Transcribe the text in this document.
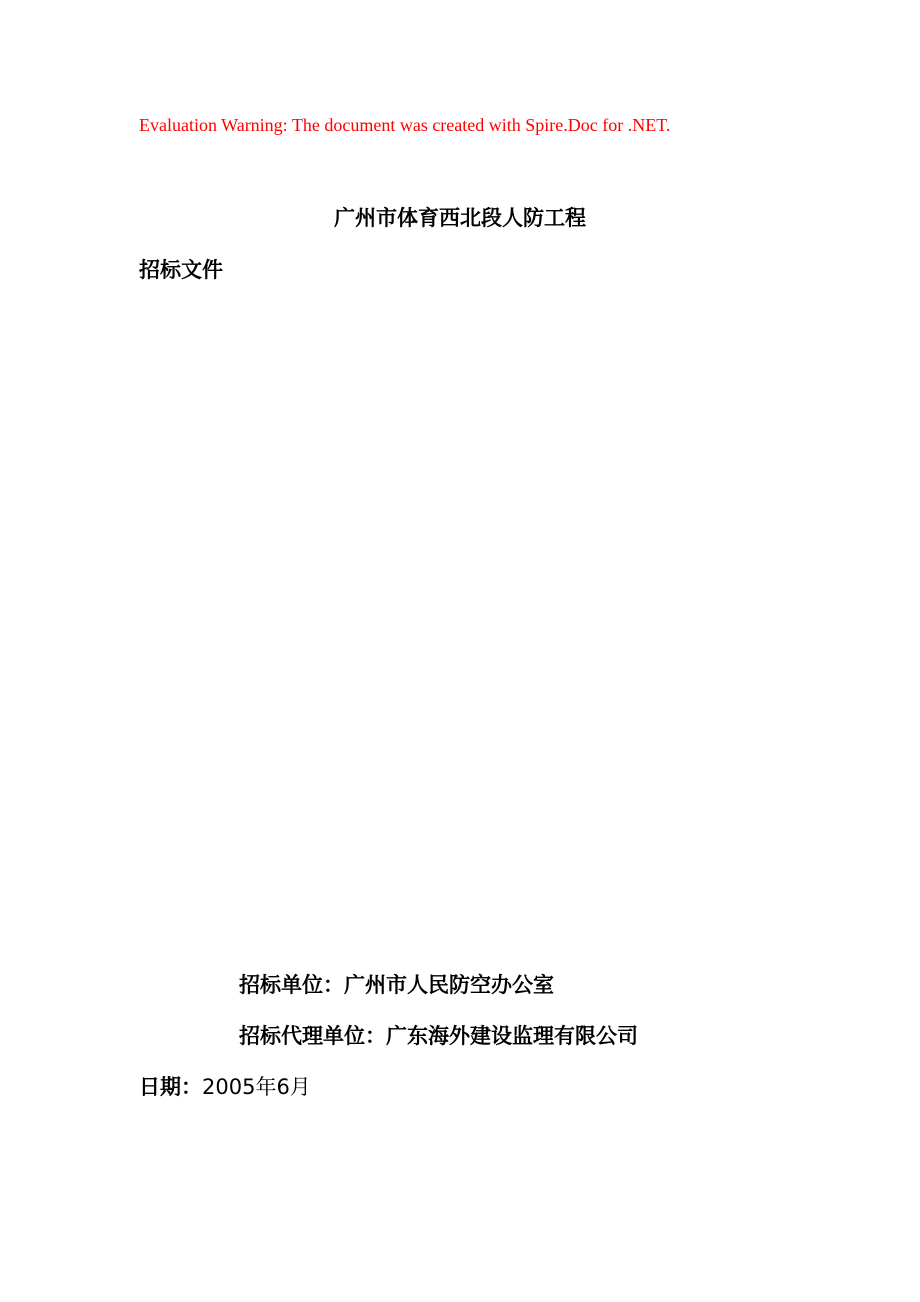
Evaluation Warning: The document was created with Spire.Doc for .NET.
广州市体育西北段人防工程
招标文件
招标单位：广州市人民防空办公室
招标代理单位：广东海外建设监理有限公司
日期：2005年6月
